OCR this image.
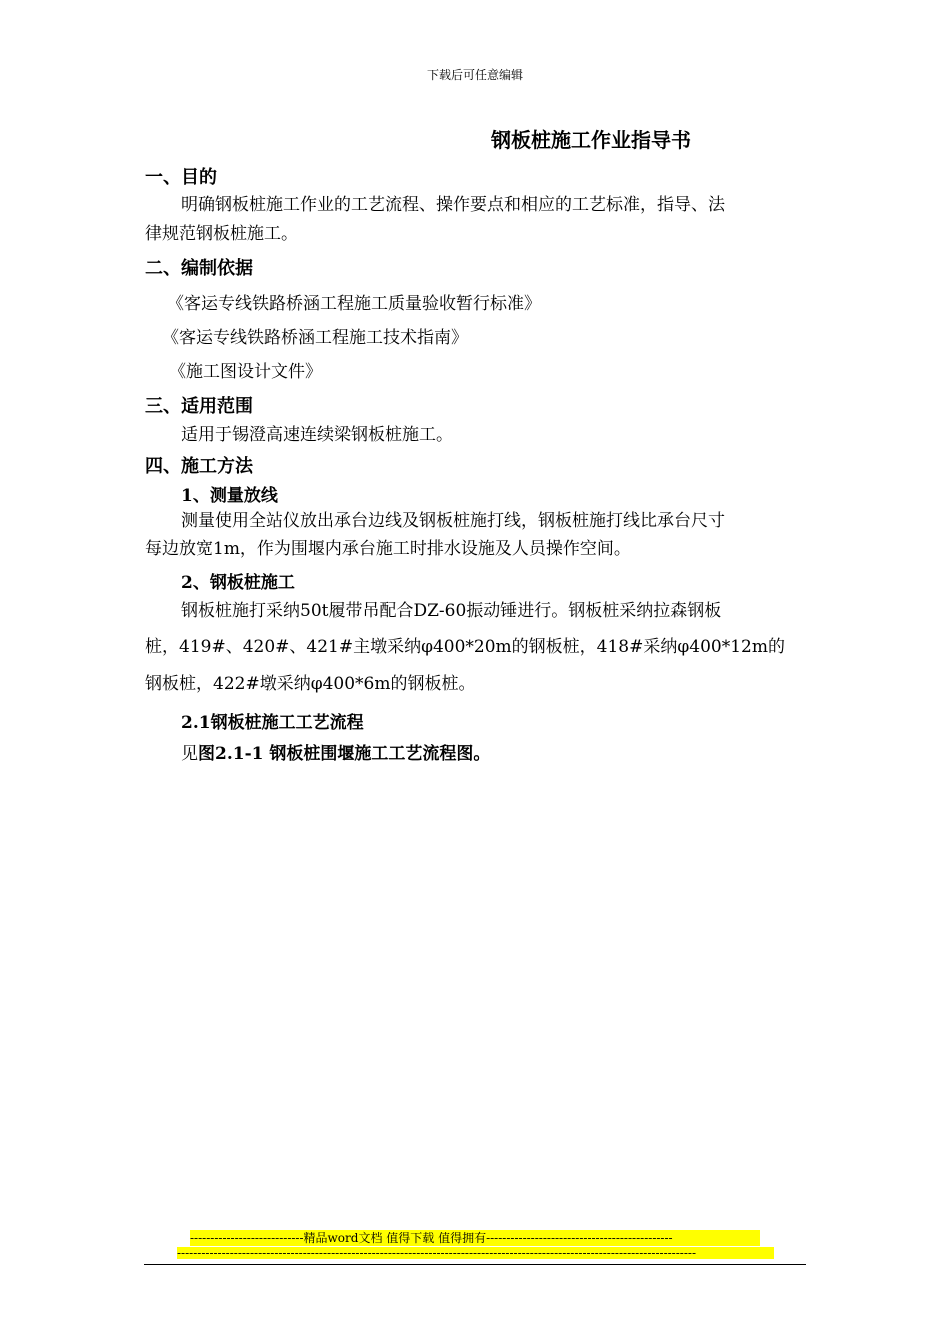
下载后可任意编辑
钢板桩施工作业指导书
一、目的
明确钢板桩施工作业的工艺流程、操作要点和相应的工艺标准，指导、法
律规范钢板桩施工。
二、编制依据
《客运专线铁路桥涵工程施工质量验收暂行标准》
《客运专线铁路桥涵工程施工技术指南》
《施工图设计文件》
三、适用范围
适用于锡澄高速连续梁钢板桩施工。
四、施工方法
1、测量放线
测量使用全站仪放出承台边线及钢板桩施打线，钢板桩施打线比承台尺寸
每边放宽1m，作为围堰内承台施工时排水设施及人员操作空间。
2、钢板桩施工
钢板桩施打采纳50t履带吊配合DZ-60振动锤进行。钢板桩采纳拉森钢板
桩，419#、420#、421#主墩采纳φ400*20m的钢板桩，418#采纳φ400*12m的
钢板桩，422#墩采纳φ400*6m的钢板桩。
2.1钢板桩施工工艺流程
见图2.1-1 钢板桩围堰施工工艺流程图。
----------------------------精品word文档 值得下载 值得拥有----------------------------------------------
--------------------------------------------------------------------------------------------------------------------------------
